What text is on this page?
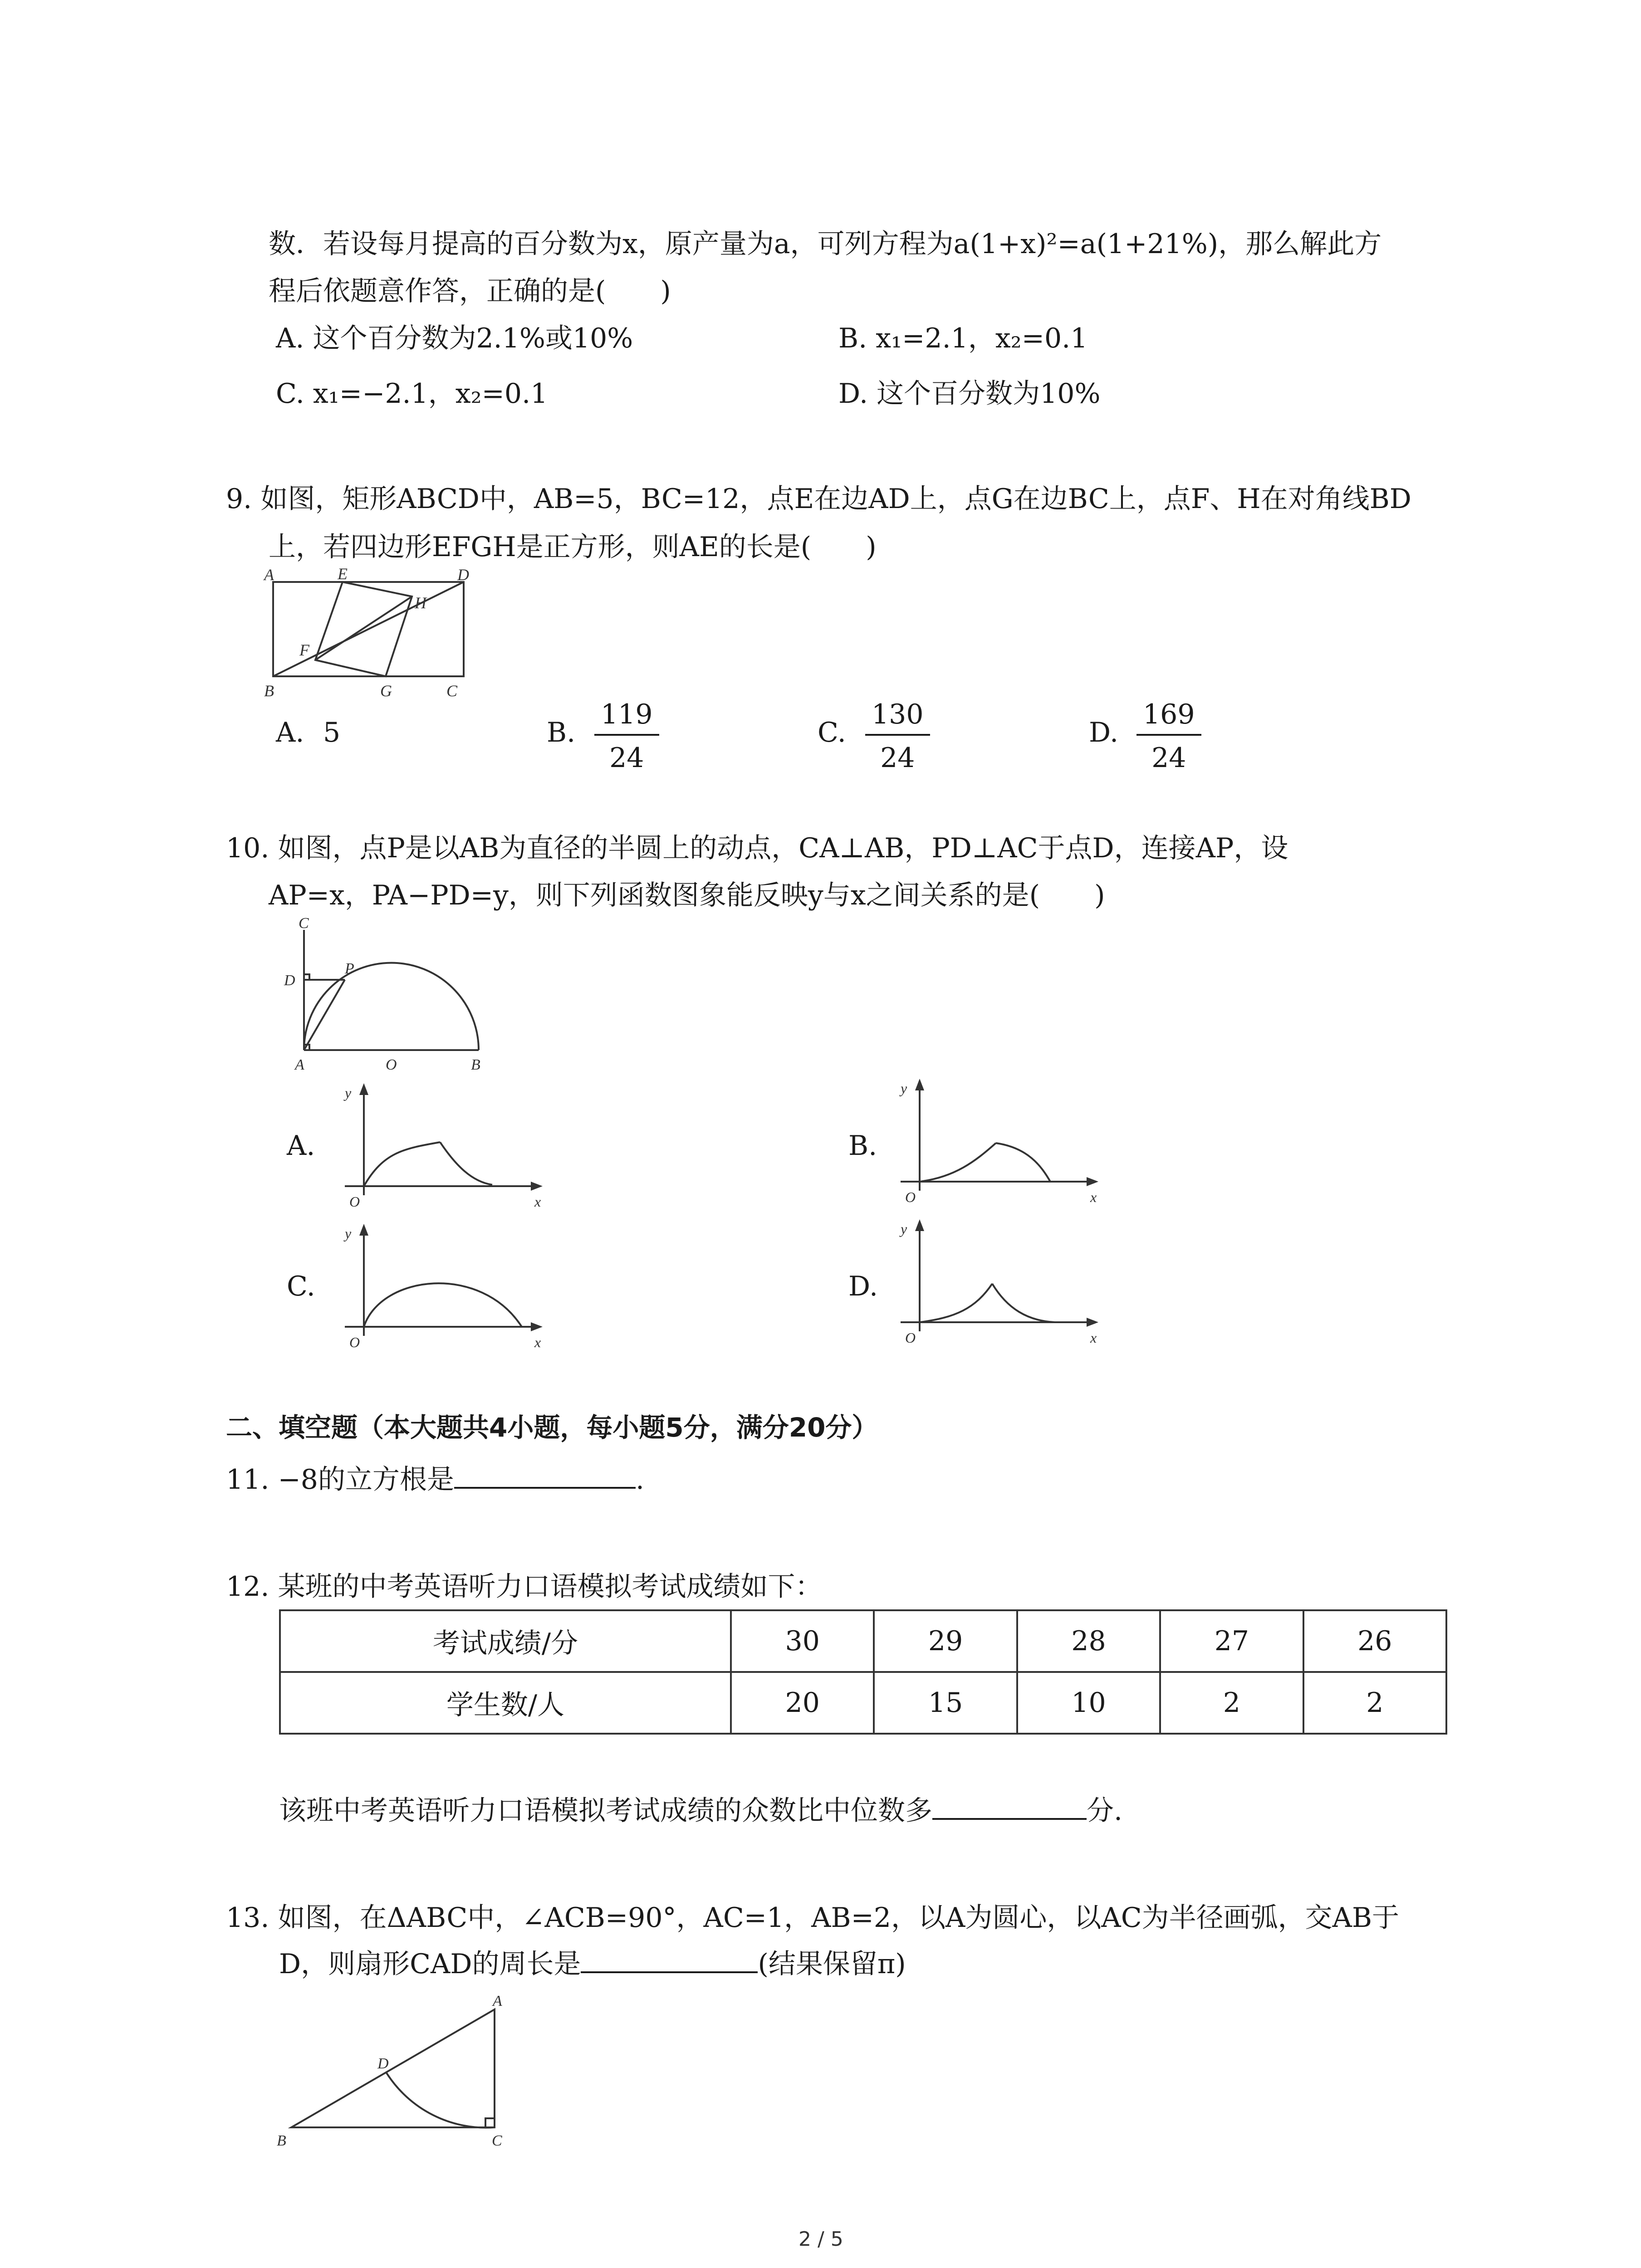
数．若设每月提高的百分数为x，原产量为a，可列方程为a(1+x)²=a(1+21%)，那么解此方
程后依题意作答，正确的是(　　)
A. 这个百分数为2.1%或10%	B. x₁=2.1，x₂=0.1
C. x₁=−2.1，x₂=0.1	D. 这个百分数为10%
9. 如图，矩形ABCD中，AB=5，BC=12，点E在边AD上，点G在边BC上，点F、H在对角线BD
上，若四边形EFGH是正方形，则AE的长是(　　)
A	E	D
H
F
B	G	C
A. 5	B. $\frac{119}{24}$	C. $\frac{130}{24}$	D. $\frac{169}{24}$
10. 如图，点P是以AB为直径的半圆上的动点，CA⊥AB，PD⊥AC于点D，连接AP，设
AP=x，PA−PD=y，则下列函数图象能反映y与x之间关系的是(　　)
C
D
P
A	O	B
A.
y
O	x
B.
y
O	x
C.
y
O	x
D.
y
O	x
二、填空题（本大题共4小题，每小题5分，满分20分）
11. −8的立方根是	.
12. 某班的中考英语听力口语模拟考试成绩如下：
考试成绩/分	30	29	28	27	26
学生数/人	20	15	10	2	2
该班中考英语听力口语模拟考试成绩的众数比中位数多	分.
13. 如图，在ΔABC中，∠ACB=90°，AC=1，AB=2，以A为圆心，以AC为半径画弧，交AB于
D，则扇形CAD的周长是	(结果保留π)
A
D
B	C
2 / 5
